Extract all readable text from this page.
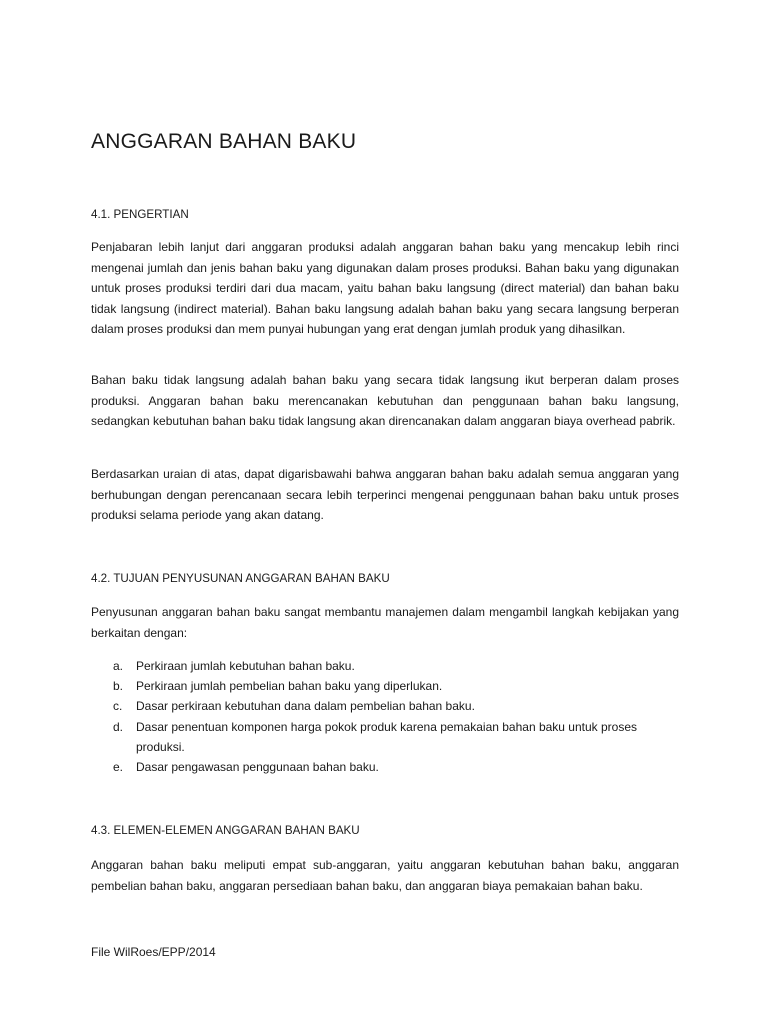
ANGGARAN BAHAN BAKU
4.1. PENGERTIAN
Penjabaran lebih lanjut dari anggaran produksi adalah anggaran bahan baku yang mencakup lebih rinci mengenai jumlah dan jenis bahan baku yang digunakan dalam proses produksi. Bahan baku yang digunakan untuk proses produksi terdiri dari dua macam, yaitu bahan baku langsung (direct material) dan bahan baku tidak langsung (indirect material). Bahan baku langsung adalah bahan baku yang secara langsung berperan dalam proses produksi dan mem punyai hubungan yang erat dengan jumlah produk yang dihasilkan.
Bahan baku tidak langsung adalah bahan baku yang secara tidak langsung ikut berperan dalam proses produksi. Anggaran bahan baku merencanakan kebutuhan dan penggunaan bahan baku langsung, sedangkan kebutuhan bahan baku tidak langsung akan direncanakan dalam anggaran biaya overhead pabrik.
Berdasarkan uraian di atas, dapat digarisbawahi bahwa anggaran bahan baku adalah semua anggaran yang berhubungan dengan perencanaan secara lebih terperinci mengenai penggunaan bahan baku untuk proses produksi selama periode yang akan datang.
4.2. TUJUAN PENYUSUNAN ANGGARAN BAHAN BAKU
Penyusunan anggaran bahan baku sangat membantu manajemen dalam mengambil langkah kebijakan yang berkaitan dengan:
a. Perkiraan jumlah kebutuhan bahan baku.
b. Perkiraan jumlah pembelian bahan baku yang diperlukan.
c. Dasar perkiraan kebutuhan dana dalam pembelian bahan baku.
d. Dasar penentuan komponen harga pokok produk karena pemakaian bahan baku untuk proses produksi.
e. Dasar pengawasan penggunaan bahan baku.
4.3. ELEMEN-ELEMEN ANGGARAN BAHAN BAKU
Anggaran bahan baku meliputi empat sub-anggaran, yaitu anggaran kebutuhan bahan baku, anggaran pembelian bahan baku, anggaran persediaan bahan baku, dan anggaran biaya pemakaian bahan baku.
File WilRoes/EPP/2014
